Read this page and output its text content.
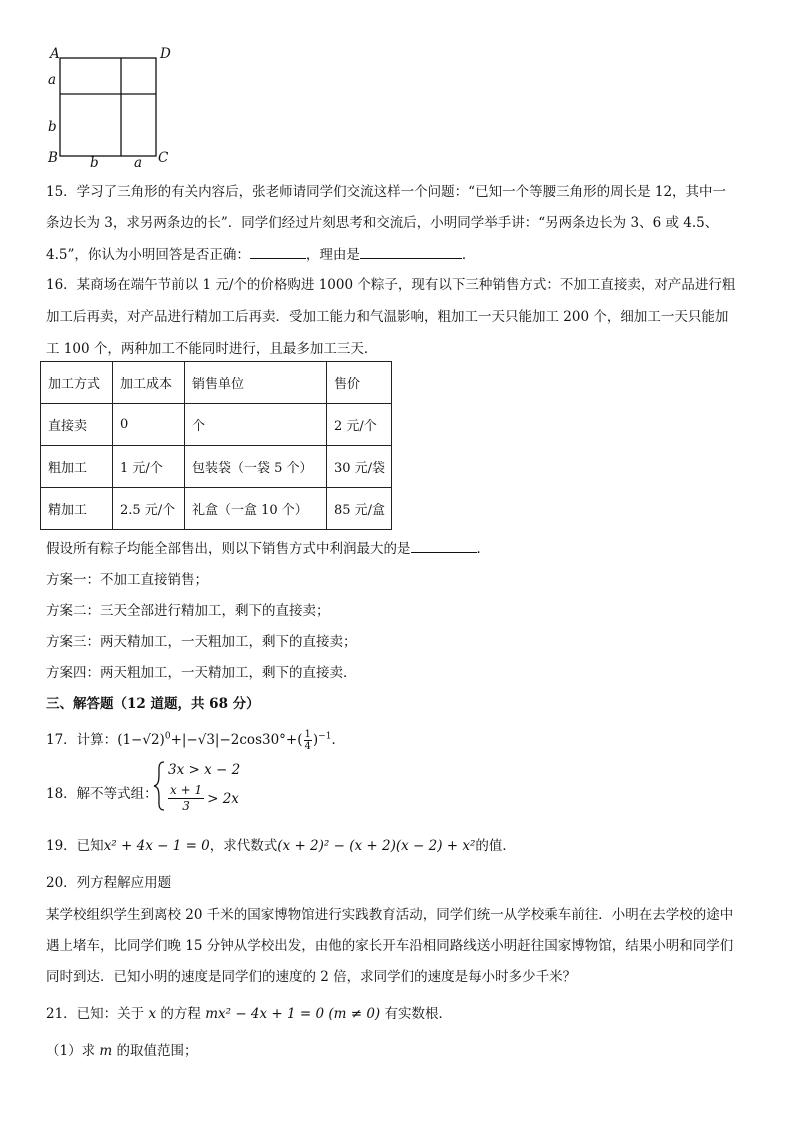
A	D
a
b
B b	a C
15．学习了三角形的有关内容后，张老师请同学们交流这样一个问题：“已知一个等腰三角形的周长是 12，其中一
条边长为 3，求另两条边的长”．同学们经过片刻思考和交流后，小明同学举手讲：“另两条边长为 3、6 或 4.5、
4.5”，你认为小明回答是否正确：	，理由是	．
16．某商场在端午节前以 1 元/个的价格购进 1000 个粽子，现有以下三种销售方式：不加工直接卖，对产品进行粗
加工后再卖，对产品进行精加工后再卖．受加工能力和气温影响，粗加工一天只能加工 200 个，细加工一天只能加
工 100 个，两种加工不能同时进行，且最多加工三天．
加工方式	加工成本	销售单位	售价
直接卖	0	个	2 元/个
粗加工	1 元/个	包装袋（一袋 5 个）	30 元/袋
精加工	2.5 元/个	礼盒（一盒 10 个）	85 元/盒
假设所有粽子均能全部售出，则以下销售方式中利润最大的是	．
方案一：不加工直接销售；
方案二：三天全部进行精加工，剩下的直接卖；
方案三：两天精加工，一天粗加工，剩下的直接卖；
方案四：两天粗加工，一天精加工，剩下的直接卖．
三、解答题（12 道题，共 68 分）
17．计算：$(1-√2)^0+|-√3|-2\cos 30^\circ+( \frac{1}{4} )^{-1}$．
18．解不等式组：
3x > x − 2
$\frac{x + 1}{3} > 2x$
19．已知x² + 4x − 1 = 0，求代数式(x + 2)² − (x + 2)(x − 2) + x²的值．
20．列方程解应用题
某学校组织学生到离校 20 千米的国家博物馆进行实践教育活动，同学们统一从学校乘车前往．小明在去学校的途中
遇上堵车，比同学们晚 15 分钟从学校出发，由他的家长开车沿相同路线送小明赶往国家博物馆，结果小明和同学们
同时到达．已知小明的速度是同学们的速度的 2 倍，求同学们的速度是每小时多少千米？
21．已知：关于 x 的方程 mx² − 4x + 1 = 0 (m ≠ 0) 有实数根．
（1）求 m 的取值范围；
